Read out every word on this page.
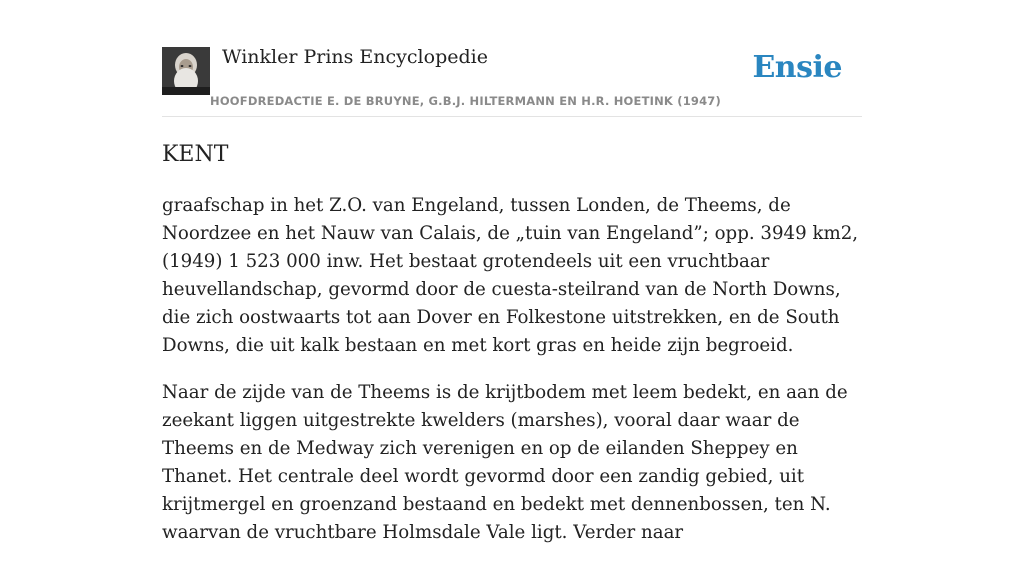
Winkler Prins Encyclopedie
HOOFDREDACTIE E. DE BRUYNE, G.B.J. HILTERMANN EN H.R. HOETINK (1947)
Ensie
KENT

graafschap in het Z.O. van Engeland, tussen Londen, de Theems, de Noordzee en het Nauw van Calais, de „tuin van Engeland”; opp. 3949 km2, (1949) 1 523 000 inw. Het bestaat grotendeels uit een vruchtbaar heuvellandschap, gevormd door de cuesta-steilrand van de North Downs, die zich oostwaarts tot aan Dover en Folkestone uitstrekken, en de South Downs, die uit kalk bestaan en met kort gras en heide zijn begroeid.

Naar de zijde van de Theems is de krijtbodem met leem bedekt, en aan de zeekant liggen uitgestrekte kwelders (marshes), vooral daar waar de Theems en de Medway zich verenigen en op de eilanden Sheppey en Thanet. Het centrale deel wordt gevormd door een zandig gebied, uit krijtmergel en groenzand bestaand en bedekt met dennenbossen, ten N. waarvan de vruchtbare Holmsdale Vale ligt. Verder naar
